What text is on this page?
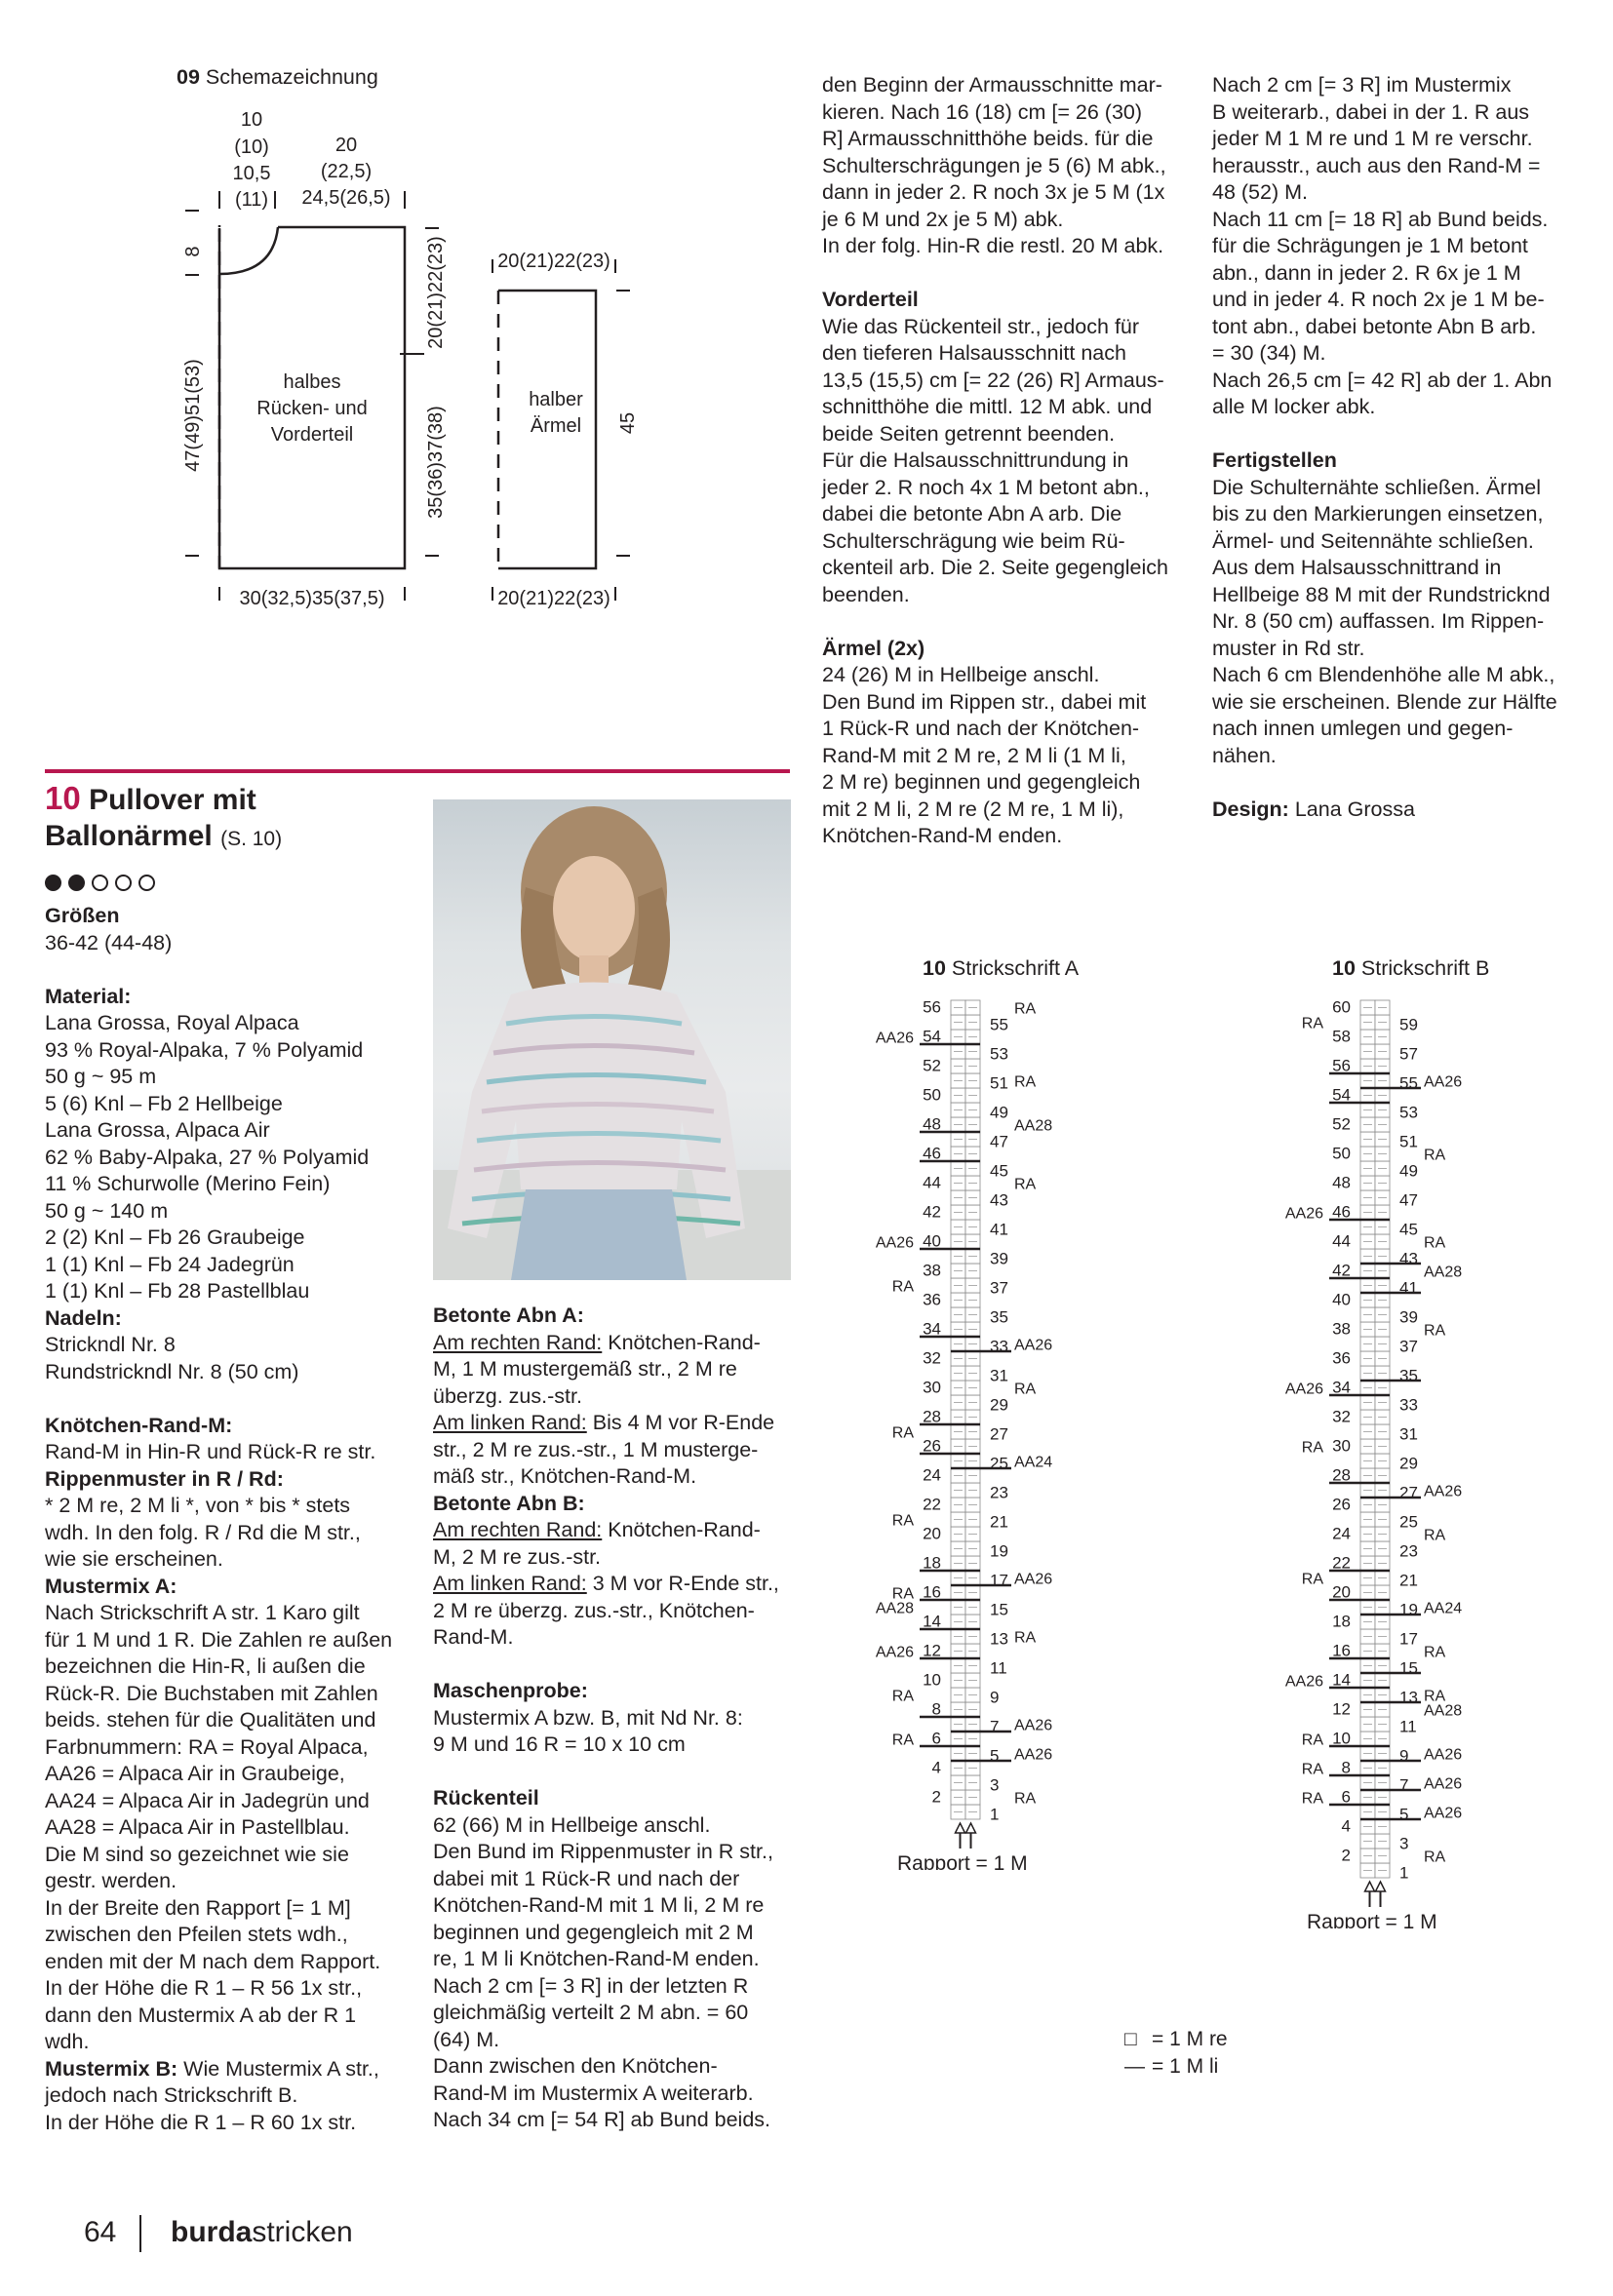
09 Schemazeichnung
10
(10)
10,5
(11)
20
(22,5)
24,5(26,5)
8
47(49)51(53)
20(21)22(23)
35(36)37(38)
halbes
Rücken- und
Vorderteil
30(32,5)35(37,5)
20(21)22(23)
halber
Ärmel 45
20(21)22(23)
10 Pullover mit
Ballonärmel (S. 10)
Größen

36-42 (44-48)

Material:

Lana Grossa, Royal Alpaca
93 % Royal-Alpaka, 7 % Polyamid
50 g ~ 95 m
5 (6) Knl – Fb 2 Hellbeige
Lana Grossa, Alpaca Air
62 % Baby-Alpaka, 27 % Polyamid
11 % Schurwolle (Merino Fein)
50 g ~ 140 m
2 (2) Knl – Fb 26 Graubeige
1 (1) Knl – Fb 24 Jadegrün
1 (1) Knl – Fb 28 Pastellblau

Nadeln:

Strickndl Nr. 8
Rundstrickndl Nr. 8 (50 cm)

Knötchen-Rand-M:

Rand-M in Hin-R und Rück-R re str.

Rippenmuster in R / Rd:

* 2 M re, 2 M li *, von * bis * stets
wdh. In den folg. R / Rd die M str.,
wie sie erscheinen.

Mustermix A:

Nach Strickschrift A str. 1 Karo gilt
für 1 M und 1 R. Die Zahlen re außen
bezeichnen die Hin-R, li außen die
Rück-R. Die Buchstaben mit Zahlen
beids. stehen für die Qualitäten und
Farbnummern: RA = Royal Alpaca,
AA26 = Alpaca Air in Graubeige,
AA24 = Alpaca Air in Jadegrün und
AA28 = Alpaca Air in Pastellblau.
Die M sind so gezeichnet wie sie
gestr. werden.
In der Breite den Rapport [= 1 M]
zwischen den Pfeilen stets wdh.,
enden mit der M nach dem Rapport.
In der Höhe die R 1 – R 56 1x str.,
dann den Mustermix A ab der R 1
wdh.

Mustermix B: Wie Mustermix A str.,
jedoch nach Strickschrift B.
In der Höhe die R 1 – R 60 1x str.

Betonte Abn A:

Am rechten Rand: Knötchen-Rand-
M, 1 M mustergemäß str., 2 M re
überzg. zus.-str.

Am linken Rand: Bis 4 M vor R-Ende
str., 2 M re zus.-str., 1 M musterge-
mäß str., Knötchen-Rand-M.

Betonte Abn B:

Am rechten Rand: Knötchen-Rand-
M, 2 M re zus.-str.

Am linken Rand: 3 M vor R-Ende str.,
2 M re überzg. zus.-str., Knötchen-
Rand-M.

Maschenprobe:

Mustermix A bzw. B, mit Nd Nr. 8:
9 M und 16 R = 10 x 10 cm

Rückenteil

62 (66) M in Hellbeige anschl.
Den Bund im Rippenmuster in R str.,
dabei mit 1 Rück-R und nach der
Knötchen-Rand-M mit 1 M li, 2 M re
beginnen und gegengleich mit 2 M
re, 1 M li Knötchen-Rand-M enden.
Nach 2 cm [= 3 R] in der letzten R
gleichmäßig verteilt 2 M abn. = 60
(64) M.
Dann zwischen den Knötchen-
Rand-M im Mustermix A weiterarb.
Nach 34 cm [= 54 R] ab Bund beids.

den Beginn der Armausschnitte mar-
kieren. Nach 16 (18) cm [= 26 (30)
R] Armausschnitthöhe beids. für die
Schulterschrägungen je 5 (6) M abk.,
dann in jeder 2. R noch 3x je 5 M (1x
je 6 M und 2x je 5 M) abk.
In der folg. Hin-R die restl. 20 M abk.

Vorderteil

Wie das Rückenteil str., jedoch für
den tieferen Halsausschnitt nach
13,5 (15,5) cm [= 22 (26) R] Armaus-
schnitthöhe die mittl. 12 M abk. und
beide Seiten getrennt beenden.
Für die Halsausschnittrundung in
jeder 2. R noch 4x 1 M betont abn.,
dabei die betonte Abn A arb. Die
Schulterschrägung wie beim Rü-
ckenteil arb. Die 2. Seite gegengleich
beenden.

Ärmel (2x)

24 (26) M in Hellbeige anschl.
Den Bund im Rippen str., dabei mit
1 Rück-R und nach der Knötchen-
Rand-M mit 2 M re, 2 M li (1 M li,
2 M re) beginnen und gegengleich
mit 2 M li, 2 M re (2 M re, 1 M li),
Knötchen-Rand-M enden.

Nach 2 cm [= 3 R] im Mustermix
B weiterarb., dabei in der 1. R aus
jeder M 1 M re und 1 M re verschr.
herausstr., auch aus den Rand-M =
48 (52) M.
Nach 11 cm [= 18 R] ab Bund beids.
für die Schrägungen je 1 M betont
abn., dann in jeder 2. R 6x je 1 M
und in jeder 4. R noch 2x je 1 M be-
tont abn., dabei betonte Abn B arb.
= 30 (34) M.
Nach 26,5 cm [= 42 R] ab der 1. Abn
alle M locker abk.

Fertigstellen

Die Schulternähte schließen. Ärmel
bis zu den Markierungen einsetzen,
Ärmel- und Seitennähte schließen.
Aus dem Halsausschnittrand in
Hellbeige 88 M mit der Rundstricknd
Nr. 8 (50 cm) auffassen. Im Rippen-
muster in Rd str.
Nach 6 cm Blendenhöhe alle M abk.,
wie sie erscheinen. Blende zur Hälfte
nach innen umlegen und gegen-
nähen.

Design: Lana Grossa

10 Strickschrift A
1
2	RA
3
4
5 AA26
6
RA
7 AA26
8
9
RA
10
11
12
AA26
13 RA
14
15
AA28
16
RA
17 AA26
18
19
20
21
RA
22
23
24
25 AA24
26
27
RA
28
29
30	RA
31
32
33 AA26
34
35
36
37
RA
38
39
40
AA26
41
42
43
44	RA
45
46
47
48	AA28
49
50
51 RA
52
53
54
AA26
55
56	RA
Rapport = 1 M
10 Strickschrift B
1
2	RA
3
4
5 AA26
6
RA
7 AA26
8
RA
9 AA26
10
RA
11
12	AA28
13 RA
14
AA26
15
16	RA
17
18
19 AA24
20
21
RA
22
23
24	RA
25
26
27 AA26
28
29
30
RA
31
32
33
34
AA26
35
36
37
38	RA
39
40
41
42	AA28
43
44	RA
45
46
AA26
47
48
49
50	RA
51
52
53
54
55 AA26
56
57
58
59
RA
60
Rapport = 1 M
□ = 1 M re
— = 1 M li
64 burdastricken
